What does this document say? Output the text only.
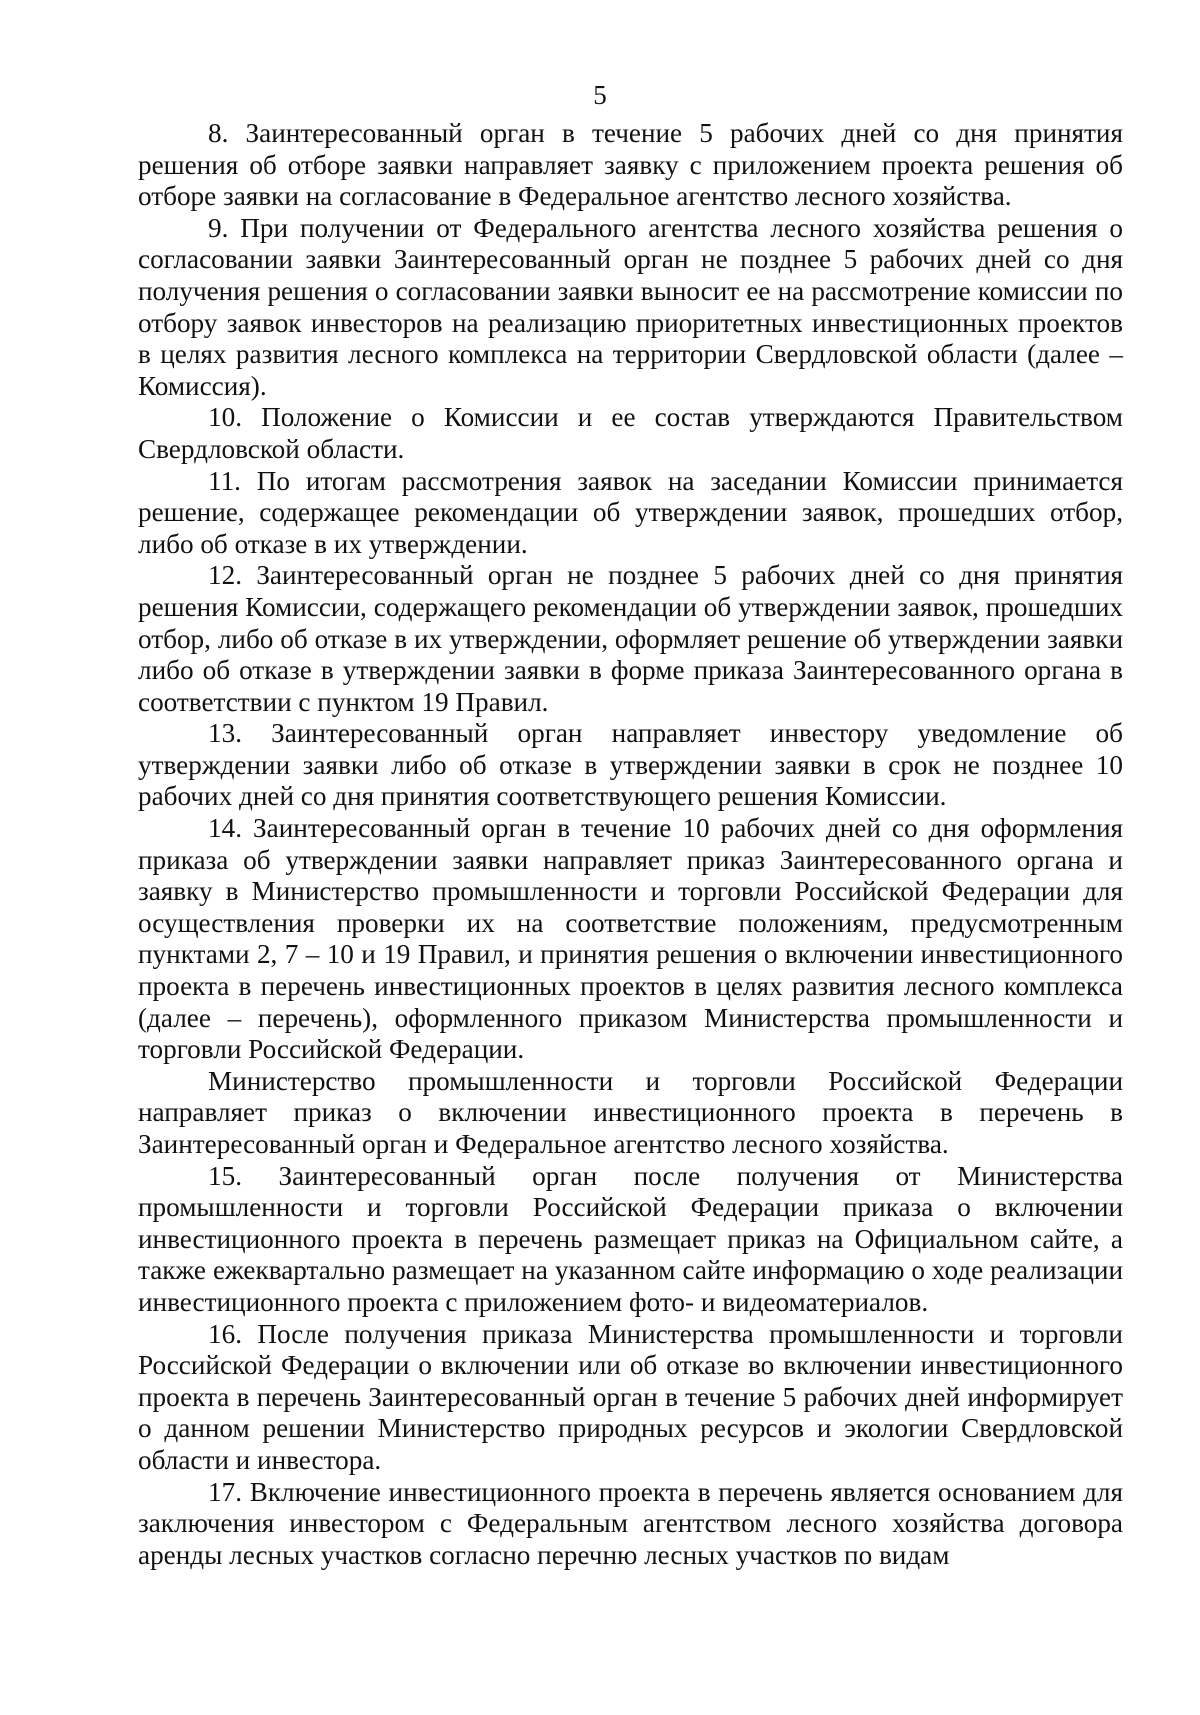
5

8. Заинтересованный орган в течение 5 рабочих дней со дня принятия решения об отборе заявки направляет заявку с приложением проекта решения об отборе заявки на согласование в Федеральное агентство лесного хозяйства.

9. При получении от Федерального агентства лесного хозяйства решения о согласовании заявки Заинтересованный орган не позднее 5 рабочих дней со дня получения решения о согласовании заявки выносит ее на рассмотрение комиссии по отбору заявок инвесторов на реализацию приоритетных инвестиционных проектов в целях развития лесного комплекса на территории Свердловской области (далее – Комиссия).

10. Положение о Комиссии и ее состав утверждаются Правительством Свердловской области.

11. По итогам рассмотрения заявок на заседании Комиссии принимается решение, содержащее рекомендации об утверждении заявок, прошедших отбор, либо об отказе в их утверждении.

12. Заинтересованный орган не позднее 5 рабочих дней со дня принятия решения Комиссии, содержащего рекомендации об утверждении заявок, прошедших отбор, либо об отказе в их утверждении, оформляет решение об утверждении заявки либо об отказе в утверждении заявки в форме приказа Заинтересованного органа в соответствии с пунктом 19 Правил.

13. Заинтересованный орган направляет инвестору уведомление об утверждении заявки либо об отказе в утверждении заявки в срок не позднее 10 рабочих дней со дня принятия соответствующего решения Комиссии.

14. Заинтересованный орган в течение 10 рабочих дней со дня оформления приказа об утверждении заявки направляет приказ Заинтересованного органа и заявку в Министерство промышленности и торговли Российской Федерации для осуществления проверки их на соответствие положениям, предусмотренным пунктами 2, 7 – 10 и 19 Правил, и принятия решения о включении инвестиционного проекта в перечень инвестиционных проектов в целях развития лесного комплекса (далее – перечень), оформленного приказом Министерства промышленности и торговли Российской Федерации.

Министерство промышленности и торговли Российской Федерации направляет приказ о включении инвестиционного проекта в перечень в Заинтересованный орган и Федеральное агентство лесного хозяйства.

15. Заинтересованный орган после получения от Министерства промышленности и торговли Российской Федерации приказа о включении инвестиционного проекта в перечень размещает приказ на Официальном сайте, а также ежеквартально размещает на указанном сайте информацию о ходе реализации инвестиционного проекта с приложением фото- и видеоматериалов.

16. После получения приказа Министерства промышленности и торговли Российской Федерации о включении или об отказе во включении инвестиционного проекта в перечень Заинтересованный орган в течение 5 рабочих дней информирует о данном решении Министерство природных ресурсов и экологии Свердловской области и инвестора.

17. Включение инвестиционного проекта в перечень является основанием для заключения инвестором с Федеральным агентством лесного хозяйства договора аренды лесных участков согласно перечню лесных участков по видам
